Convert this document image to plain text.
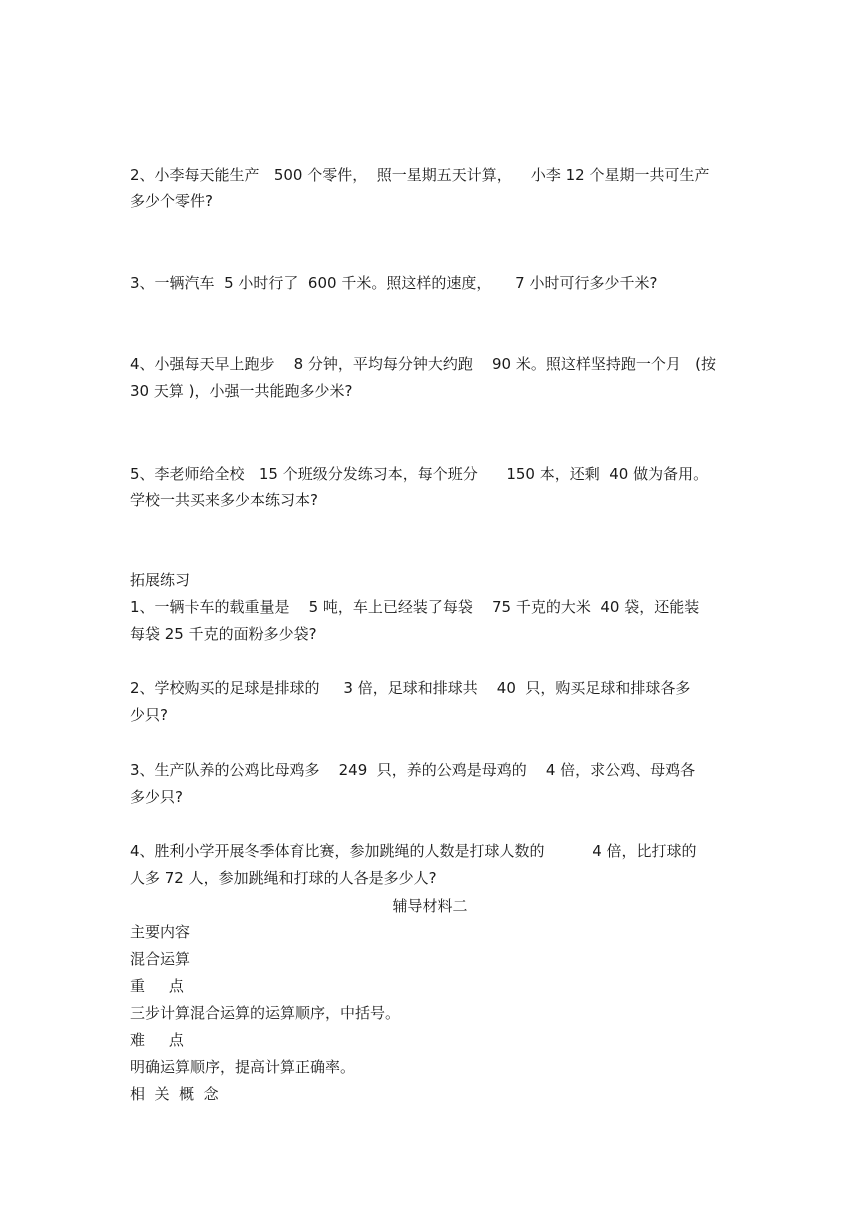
2、小李每天能生产   500 个零件，  照一星期五天计算，    小李 12 个星期一共可生产
多少个零件?
3、一辆汽车  5 小时行了  600 千米。照这样的速度，     7 小时可行多少千米?
4、小强每天早上跑步    8 分钟，平均每分钟大约跑    90 米。照这样坚持跑一个月   (按
30 天算 )，小强一共能跑多少米?
5、李老师给全校   15 个班级分发练习本，每个班分      150 本，还剩  40 做为备用。
学校一共买来多少本练习本?
拓展练习
1、一辆卡车的载重量是    5 吨，车上已经装了每袋    75 千克的大米  40 袋，还能装
每袋 25 千克的面粉多少袋?
2、学校购买的足球是排球的     3 倍，足球和排球共    40  只，购买足球和排球各多
少只?
3、生产队养的公鸡比母鸡多    249  只，养的公鸡是母鸡的    4 倍，求公鸡、母鸡各
多少只?
4、胜利小学开展冬季体育比赛，参加跳绳的人数是打球人数的          4 倍，比打球的
人多 72 人，参加跳绳和打球的人各是多少人?
辅导材料二
主要内容
混合运算
重     点
三步计算混合运算的运算顺序，中括号。
难     点
明确运算顺序，提高计算正确率。
相  关  概  念
